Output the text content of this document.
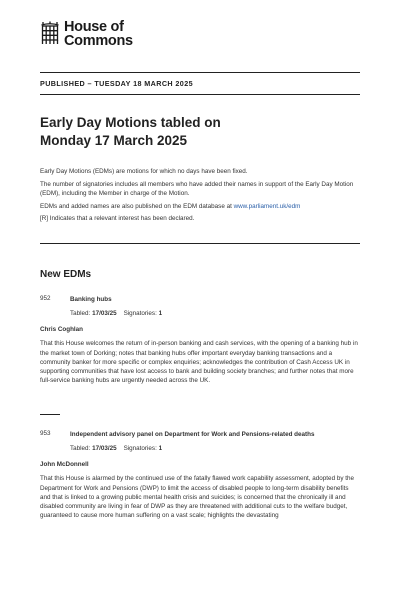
House of
Commons
PUBLISHED – TUESDAY 18 MARCH 2025
Early Day Motions tabled on
Monday 17 March 2025

Early Day Motions (EDMs) are motions for which no days have been fixed.

The number of signatories includes all members who have added their names in support of the Early Day Motion (EDM), including the Member in charge of the Motion.

EDMs and added names are also published on the EDM database at www.parliament.uk/edm

[R] Indicates that a relevant interest has been declared.

New EDMs
952	Banking hubs
Tabled: 17/03/25 Signatories: 1
Chris Coghlan
That this House welcomes the return of in-person banking and cash services, with the opening of a banking hub in the market town of Dorking; notes that banking hubs offer important everyday banking transactions and a community banker for more specific or complex enquiries; acknowledges the contribution of Cash Access UK in supporting communities that have lost access to bank and building society branches; and further notes that more full-service banking hubs are urgently needed across the UK.
953	Independent advisory panel on Department for Work and Pensions-related deaths
Tabled: 17/03/25 Signatories: 1
John McDonnell
That this House is alarmed by the continued use of the fatally flawed work capability assessment, adopted by the Department for Work and Pensions (DWP) to limit the access of disabled people to long-term disability benefits and that is linked to a growing public mental health crisis and suicides; is concerned that the chronically ill and disabled community are living in fear of DWP as they are threatened with additional cuts to the welfare budget, guaranteed to cause more human suffering on a vast scale; highlights the devastating
